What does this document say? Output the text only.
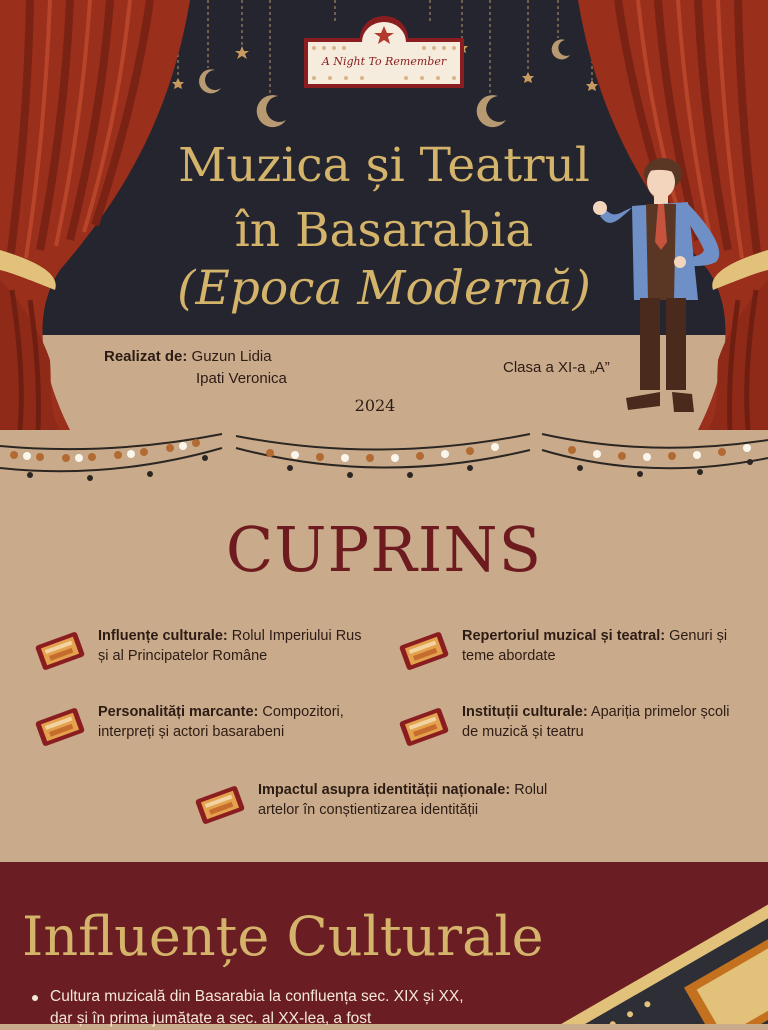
A Night To Remember
Muzica și Teatrul
în Basarabia
(Epoca Modernă)
Realizat de: Guzun Lidia
Ipati Veronica
Clasa a XI-a „A”
2024
CUPRINS
Influențe culturale: Rolul Imperiului Rus și al Principatelor Române
Repertoriul muzical și teatral: Genuri și teme abordate
Personalități marcante: Compozitori, interpreți și actori basarabeni
Instituții culturale: Apariția primelor școli de muzică și teatru
Impactul asupra identității naționale: Rolul artelor în conștientizarea identității
Influențe Culturale
Cultura muzicală din Basarabia la confluența sec. XIX și XX, dar și în prima jumătate a sec. al XX-lea, a fost
